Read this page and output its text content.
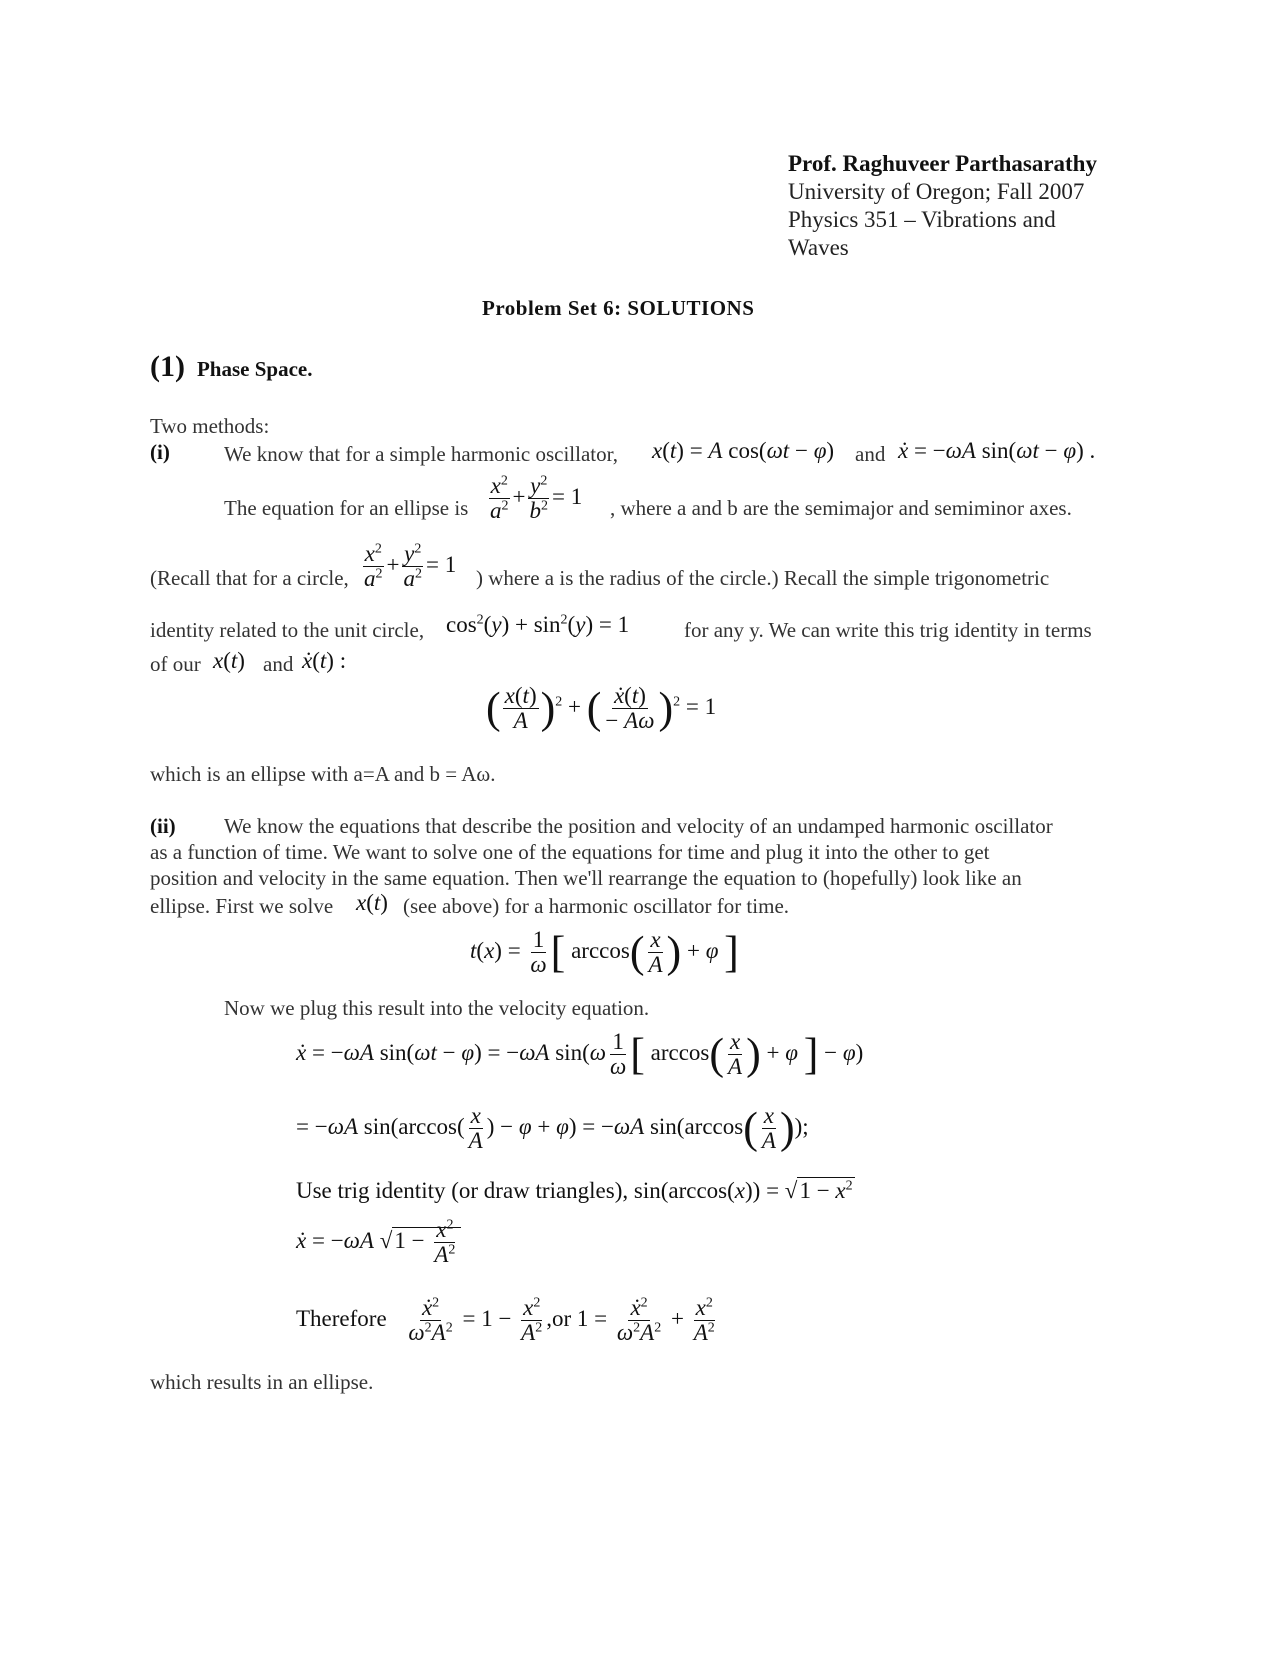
Prof. Raghuveer Parthasarathy
University of Oregon; Fall 2007
Physics 351 – Vibrations and
Waves
Problem Set 6: SOLUTIONS
(1) Phase Space.
Two methods:
(i)	We know that for a simple harmonic oscillator, x(t) = A cos(ωt − φ) and ẋ = −ωA sin(ωt − φ) .
The equation for an ellipse is $\frac{x^2}{a^2} + \frac{y^2}{b^2} = 1$ , where a and b are the semimajor and semiminor axes.
(Recall that for a circle, $\frac{x^2}{a^2} + \frac{y^2}{a^2} = 1$
) where a is the radius of the circle.) Recall the simple trigonometric
identity related to the unit circle, $\cos^2(y) + \sin^2(y) = 1$	for any y. We can write this trig identity in terms
of our x(t) and ẋ(t) :
( $\frac{x(t)}{A} )^2$ + ( $\frac{\text{ẋ(t)}}{- A\omega} )^2 = 1$
which is an ellipse with a=A and b = Aω.
(ii) We know the equations that describe the position and velocity of an undamped harmonic oscillator
as a function of time. We want to solve one of the equations for time and plug it into the other to get
position and velocity in the same equation. Then we'll rearrange the equation to (hopefully) look like an
ellipse. First we solve x(t) (see above) for a harmonic oscillator for time.
$t(x) = \frac{1}{\omega}$ [ $\arccos( \frac{x}{A}$ ) + φ ]
Now we plug this result into the velocity equation.
ẋ = −ωA sin(ωt − φ) = −ωA $\sin(\omega \frac{1}{\omega}$ [ $\arccos( \frac{x}{A}$ ) + φ ] − φ)
= −ωA $\sin(\arccos( \frac{x}{A}$ ) − φ + φ) = −ωA $\sin(\arccos( \frac{x}{A}$ ));
Use trig identity (or draw triangles), $\sin(\arccos(x)) = √1 - x^2$
ẋ = −ωA $√1 - \frac{x^2}{A^2}$
Therefore $\frac{ẋ^2}{\omega^2A^2} = 1 - \frac{x^2}{A^2} ,or$ $1 = \frac{ẋ^2}{\omega^2A^2} + \frac{x^2}{A^2}$
which results in an ellipse.
